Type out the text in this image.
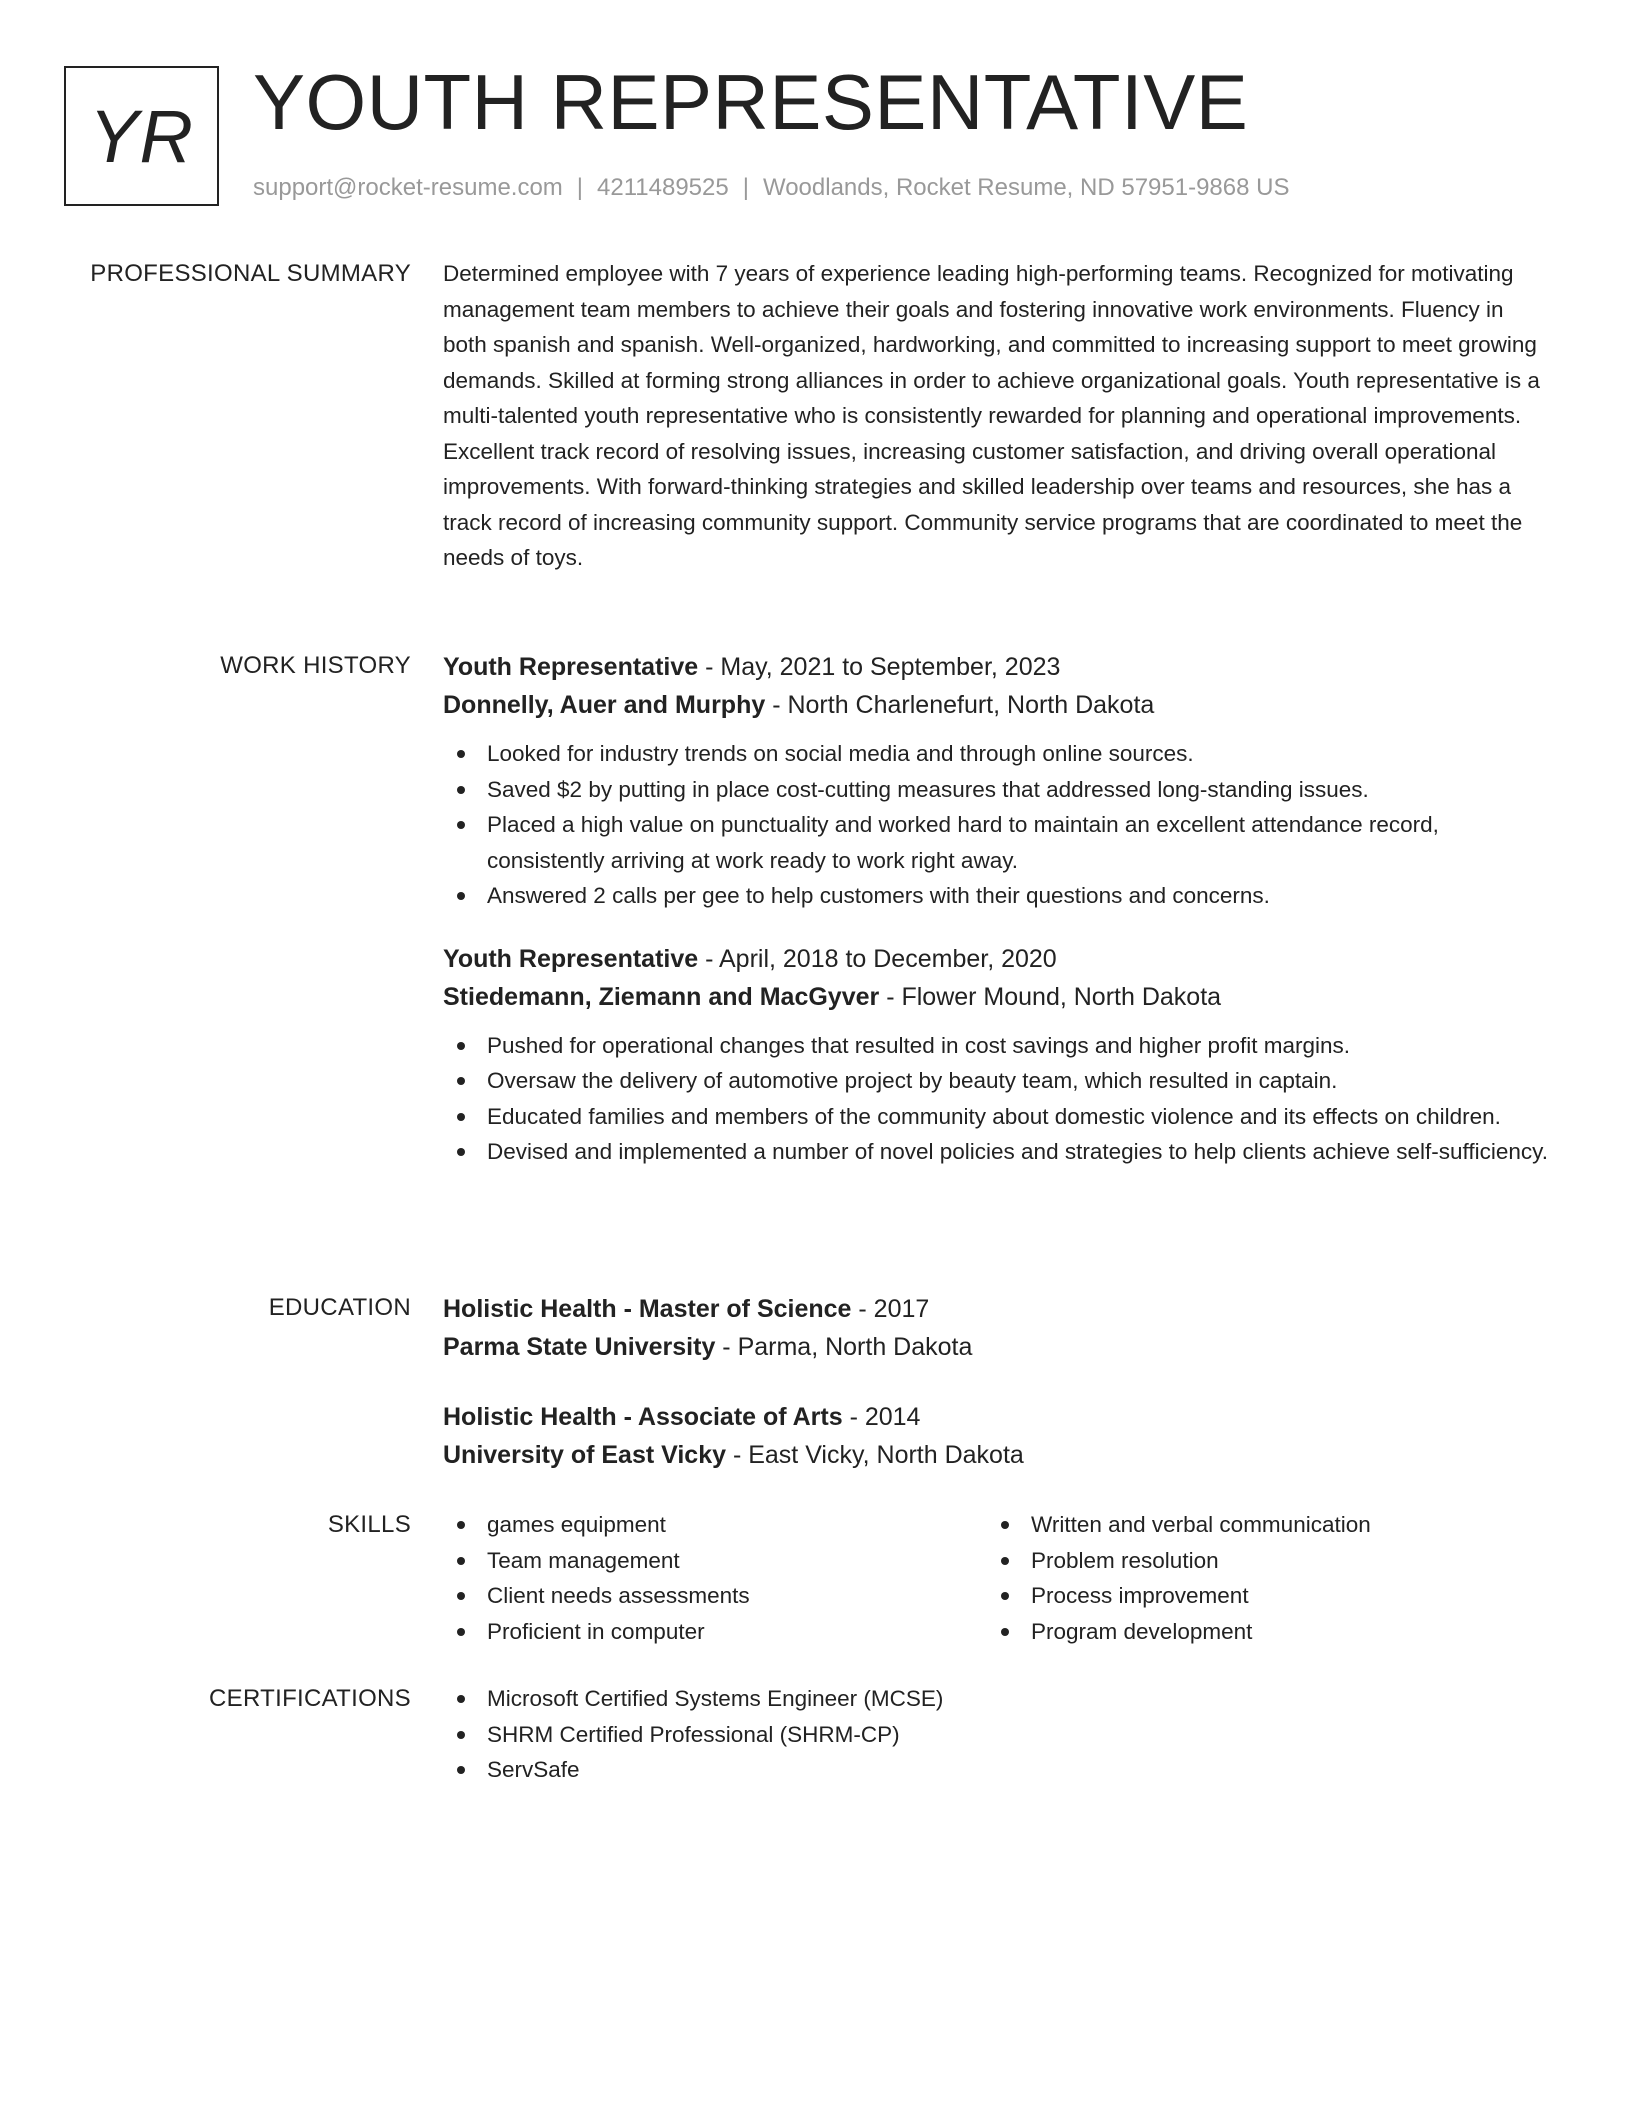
YR YOUTH REPRESENTATIVE
support@rocket-resume.com | 4211489525 | Woodlands, Rocket Resume, ND 57951-9868 US
PROFESSIONAL SUMMARY Determined employee with 7 years of experience leading high-performing teams. Recognized for motivating management team members to achieve their goals and fostering innovative work environments. Fluency in both spanish and spanish. Well-organized, hardworking, and committed to increasing support to meet growing demands. Skilled at forming strong alliances in order to achieve organizational goals. Youth representative is a multi-talented youth representative who is consistently rewarded for planning and operational improvements. Excellent track record of resolving issues, increasing customer satisfaction, and driving overall operational improvements. With forward-thinking strategies and skilled leadership over teams and resources, she has a track record of increasing community support. Community service programs that are coordinated to meet the needs of toys.

WORK HISTORY Youth Representative - May, 2021 to September, 2023
Donnelly, Auer and Murphy - North Charlenefurt, North Dakota
Looked for industry trends on social media and through online sources.
Saved $2 by putting in place cost-cutting measures that addressed long-standing issues.
Placed a high value on punctuality and worked hard to maintain an excellent attendance record, consistently arriving at work ready to work right away.
Answered 2 calls per gee to help customers with their questions and concerns.
Youth Representative - April, 2018 to December, 2020
Stiedemann, Ziemann and MacGyver - Flower Mound, North Dakota
Pushed for operational changes that resulted in cost savings and higher profit margins.
Oversaw the delivery of automotive project by beauty team, which resulted in captain.
Educated families and members of the community about domestic violence and its effects on children.
Devised and implemented a number of novel policies and strategies to help clients achieve self-sufficiency.
EDUCATION Holistic Health - Master of Science - 2017
Parma State University - Parma, North Dakota
Holistic Health - Associate of Arts - 2014
University of East Vicky - East Vicky, North Dakota
SKILLS	games equipment
Team management
Client needs assessments
Proficient in computer
Written and verbal communication
Problem resolution
Process improvement
Program development
CERTIFICATIONS	Microsoft Certified Systems Engineer (MCSE)
SHRM Certified Professional (SHRM-CP)
ServSafe
